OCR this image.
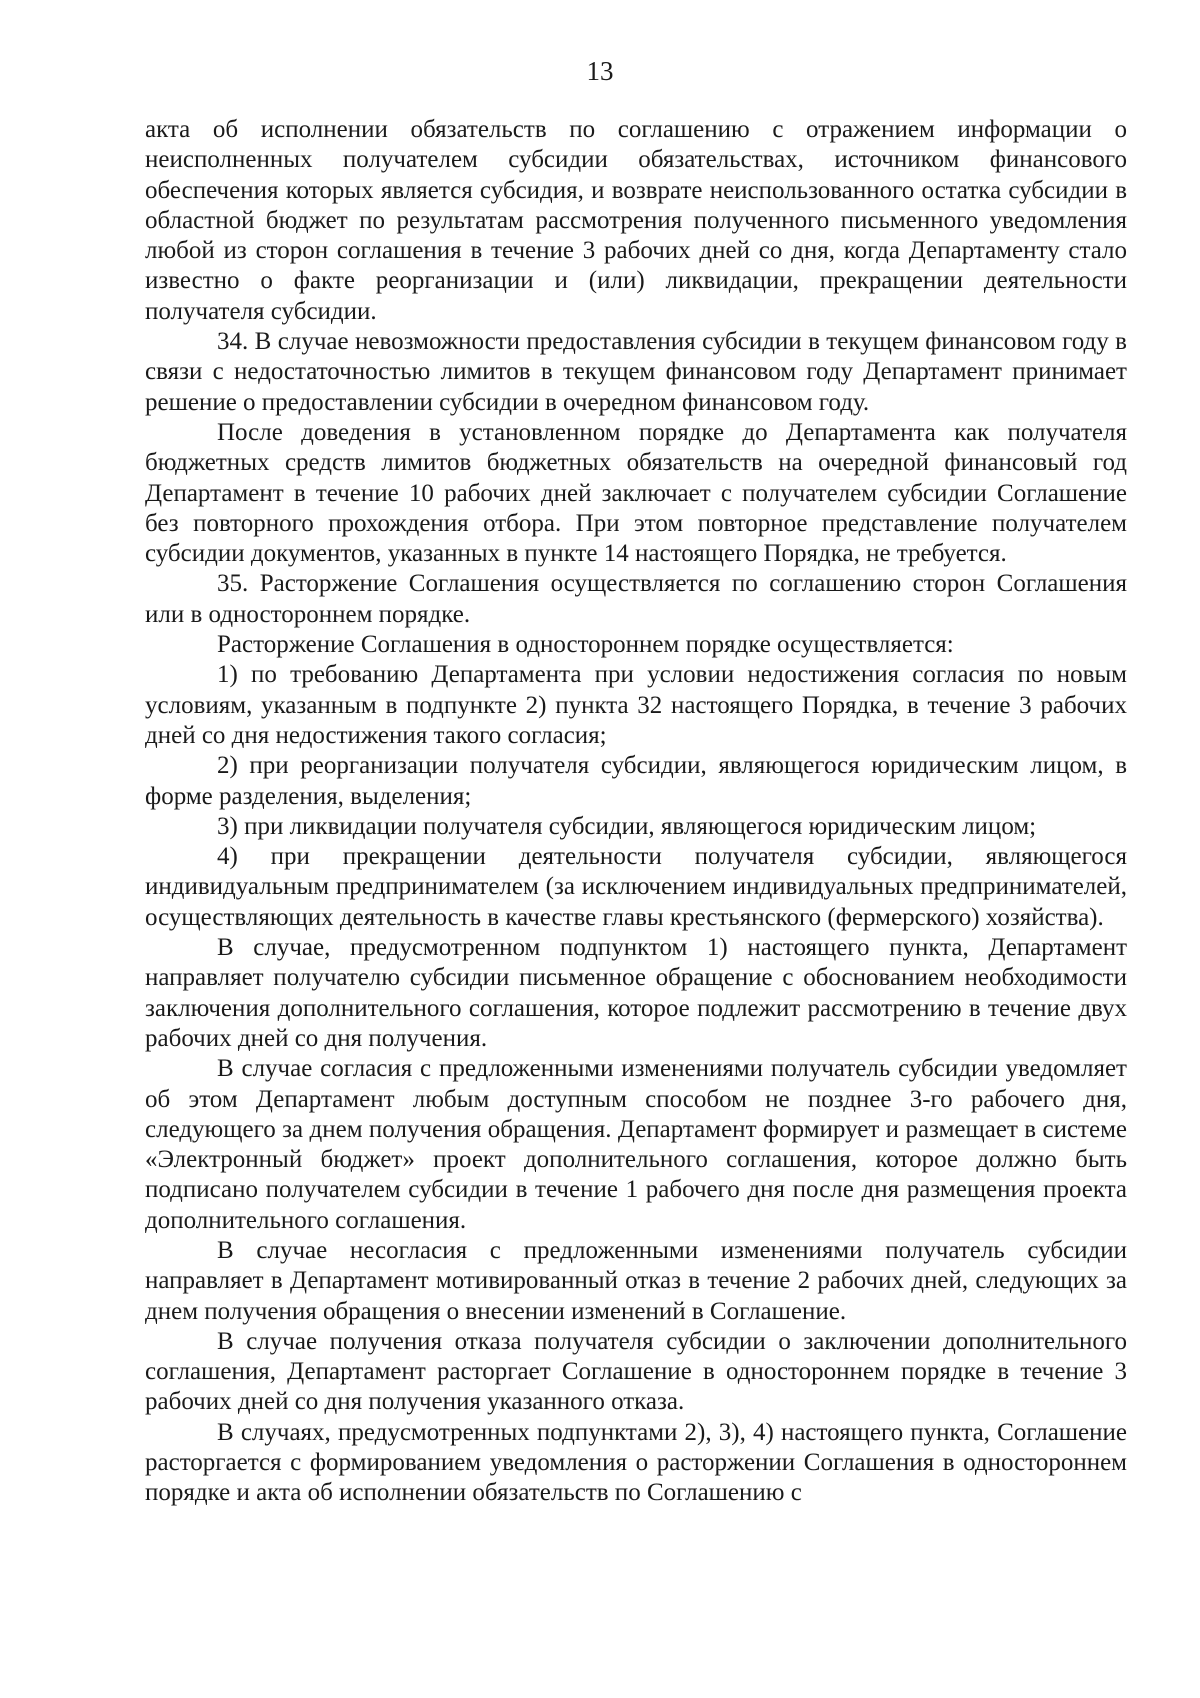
13

акта об исполнении обязательств по соглашению с отражением информации о неисполненных получателем субсидии обязательствах, источником финансового обеспечения которых является субсидия, и возврате неиспользованного остатка субсидии в областной бюджет по результатам рассмотрения полученного письменного уведомления любой из сторон соглашения в течение 3 рабочих дней со дня, когда Департаменту стало известно о факте реорганизации и (или) ликвидации, прекращении деятельности получателя субсидии.

34. В случае невозможности предоставления субсидии в текущем финансовом году в связи с недостаточностью лимитов в текущем финансовом году Департамент принимает решение о предоставлении субсидии в очередном финансовом году.

После доведения в установленном порядке до Департамента как получателя бюджетных средств лимитов бюджетных обязательств на очередной финансовый год Департамент в течение 10 рабочих дней заключает с получателем субсидии Соглашение без повторного прохождения отбора. При этом повторное представление получателем субсидии документов, указанных в пункте 14 настоящего Порядка, не требуется.

35. Расторжение Соглашения осуществляется по соглашению сторон Соглашения или в одностороннем порядке.

Расторжение Соглашения в одностороннем порядке осуществляется:

1) по требованию Департамента при условии недостижения согласия по новым условиям, указанным в подпункте 2) пункта 32 настоящего Порядка, в течение 3 рабочих дней со дня недостижения такого согласия;

2) при реорганизации получателя субсидии, являющегося юридическим лицом, в форме разделения, выделения;

3) при ликвидации получателя субсидии, являющегося юридическим лицом;

4) при прекращении деятельности получателя субсидии, являющегося индивидуальным предпринимателем (за исключением индивидуальных предпринимателей, осуществляющих деятельность в качестве главы крестьянского (фермерского) хозяйства).

В случае, предусмотренном подпунктом 1) настоящего пункта, Департамент направляет получателю субсидии письменное обращение с обоснованием необходимости заключения дополнительного соглашения, которое подлежит рассмотрению в течение двух рабочих дней со дня получения.

В случае согласия с предложенными изменениями получатель субсидии уведомляет об этом Департамент любым доступным способом не позднее 3-го рабочего дня, следующего за днем получения обращения. Департамент формирует и размещает в системе «Электронный бюджет» проект дополнительного соглашения, которое должно быть подписано получателем субсидии в течение 1 рабочего дня после дня размещения проекта дополнительного соглашения.

В случае несогласия с предложенными изменениями получатель субсидии направляет в Департамент мотивированный отказ в течение 2 рабочих дней, следующих за днем получения обращения о внесении изменений в Соглашение.

В случае получения отказа получателя субсидии о заключении дополнительного соглашения, Департамент расторгает Соглашение в одностороннем порядке в течение 3 рабочих дней со дня получения указанного отказа.

В случаях, предусмотренных подпунктами 2), 3), 4) настоящего пункта, Соглашение расторгается с формированием уведомления о расторжении Соглашения в одностороннем порядке и акта об исполнении обязательств по Соглашению с
